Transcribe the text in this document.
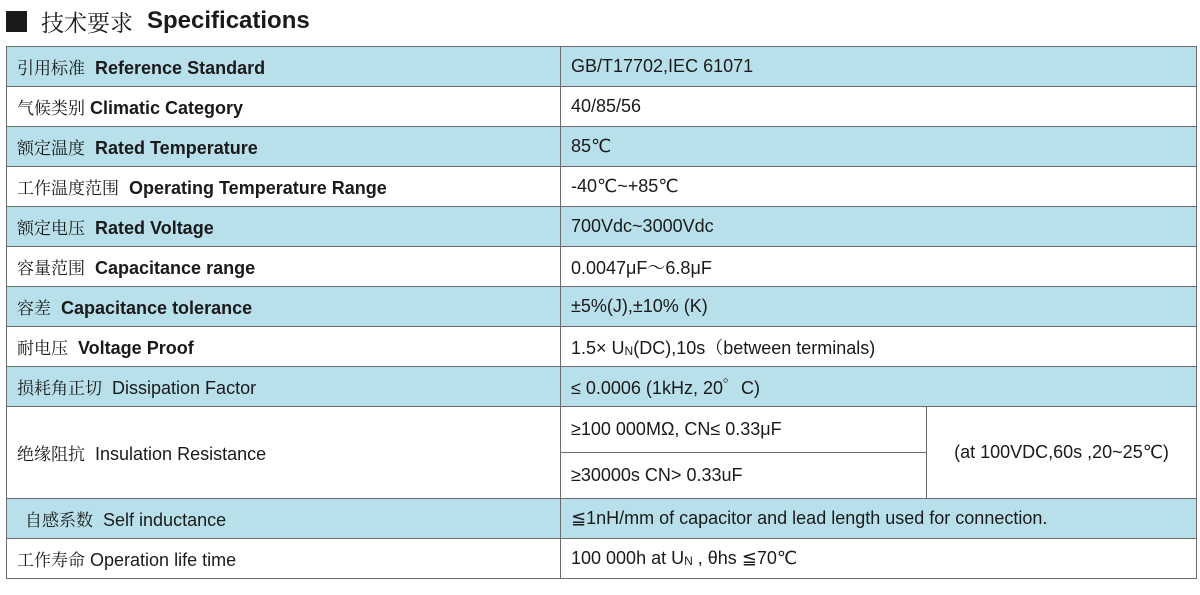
技术要求 Specifications
引用标准 Reference Standard	GB/T17702,IEC 61071	
气候类别 Climatic Category	40/85/56	
额定温度 Rated Temperature	85℃	
工作温度范围 Operating Temperature Range	-40℃~+85℃	
额定电压 Rated Voltage	700Vdc~3000Vdc	
容量范围 Capacitance range	0.0047μF～6.8μF	
容差 Capacitance tolerance	±5%(J),±10% (K)	
耐电压 Voltage Proof	$1.5\times U_N(DC),10s(between$ terminals)	
损耗角正切 Dissipation Factor	≤ 0.0006 (1kHz, 20゜C)	
绝缘阻抗 Insulation Resistance	≥100 000MΩ, CN≤ 0.33μF	(at 100VDC,60s ,20~25℃)
	≥30000s CN> 0.33uF	
自感系数 Self inductance	≦1nH/mm of capacitor and lead length used for connection.	
工作寿命 Operation life time	100 000h at $U_N$ , θhs ≦70℃	
